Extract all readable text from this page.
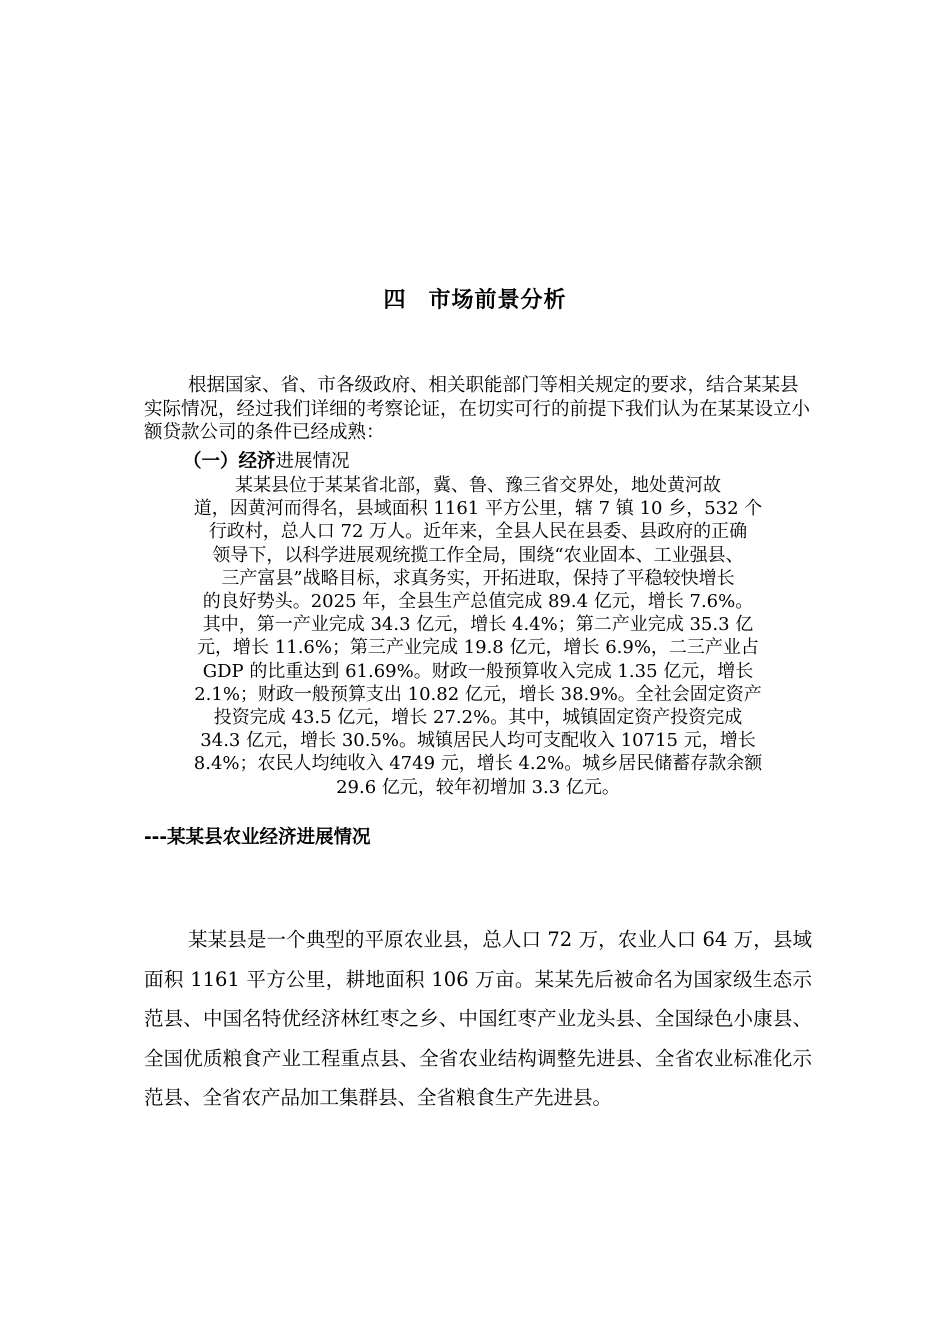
四 市场前景分析

根据国家、省、市各级政府、相关职能部门等相关规定的要求，结合某某县实际情况，经过我们详细的考察论证，在切实可行的前提下我们认为在某某设立小额贷款公司的条件已经成熟：

（一）经济进展情况
某某县位于某某省北部，冀、鲁、豫三省交界处，地处黄河故
道，因黄河而得名，县域面积 1161 平方公里，辖 7 镇 10 乡，532 个
行政村，总人口 72 万人。近年来，全县人民在县委、县政府的正确
领导下，以科学进展观统揽工作全局，围绕“农业固本、工业强县、
三产富县”战略目标，求真务实，开拓进取，保持了平稳较快增长
的良好势头。2025 年，全县生产总值完成 89.4 亿元，增长 7.6%。
其中，第一产业完成 34.3 亿元，增长 4.4%；第二产业完成 35.3 亿
元，增长 11.6%；第三产业完成 19.8 亿元，增长 6.9%，二三产业占
GDP 的比重达到 61.69%。财政一般预算收入完成 1.35 亿元，增长
2.1%；财政一般预算支出 10.82 亿元，增长 38.9%。全社会固定资产
投资完成 43.5 亿元，增长 27.2%。其中，城镇固定资产投资完成
34.3 亿元，增长 30.5%。城镇居民人均可支配收入 10715 元，增长
8.4%；农民人均纯收入 4749 元，增长 4.2%。城乡居民储蓄存款余额
29.6 亿元，较年初增加 3.3 亿元。
---某某县农业经济进展情况

某某县是一个典型的平原农业县，总人口 72 万，农业人口 64 万，县域面积 1161 平方公里，耕地面积 106 万亩。某某先后被命名为国家级生态示范县、中国名特优经济林红枣之乡、中国红枣产业龙头县、全国绿色小康县、全国优质粮食产业工程重点县、全省农业结构调整先进县、全省农业标准化示范县、全省农产品加工集群县、全省粮食生产先进县。
